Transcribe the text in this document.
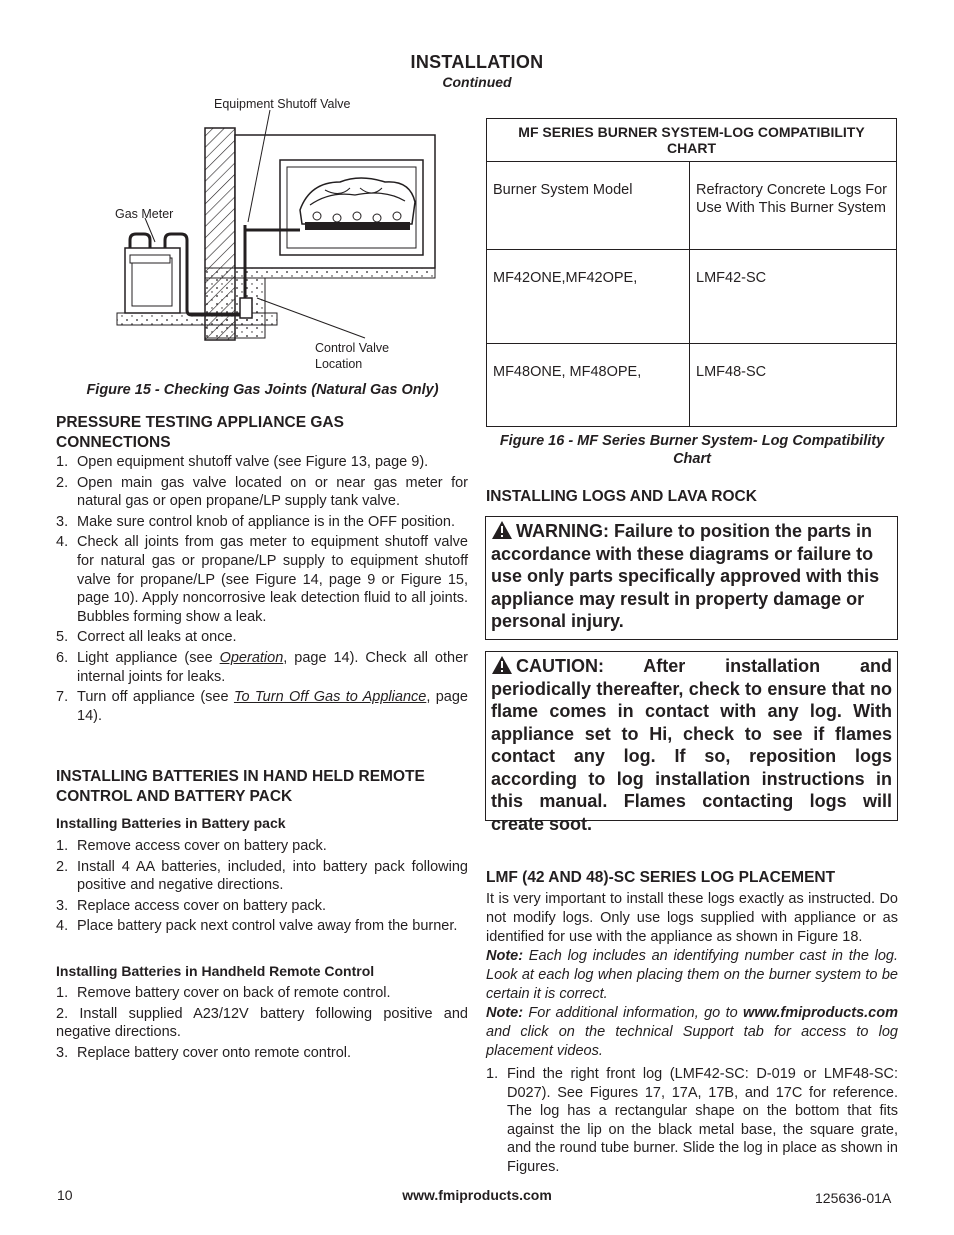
INSTALLATION
Continued
Equipment Shutoff Valve
Gas Meter
Control Valve
Location
Figure 15 - Checking Gas Joints (Natural Gas Only)
PRESSURE TESTING APPLIANCE GAS CONNECTIONS
1. Open equipment shutoff valve (see Figure 13, page 9).
2. Open main gas valve located on or near gas meter for natural gas or open propane/LP supply tank valve.
3. Make sure control knob of appliance is in the OFF position.
4. Check all joints from gas meter to equipment shutoff valve for natural gas or propane/LP supply to equipment shutoff valve for propane/LP (see Figure 14, page 9 or Figure 15, page 10). Apply noncorrosive leak detection fluid to all joints. Bubbles forming show a leak.
5. Correct all leaks at once.
6. Light appliance (see Operation, page 14). Check all other internal joints for leaks.
7. Turn off appliance (see To Turn Off Gas to Appliance, page 14).
INSTALLING BATTERIES IN HAND HELD REMOTE CONTROL AND BATTERY PACK
Installing Batteries in Battery pack
1. Remove access cover on battery pack.
2. Install 4 AA batteries, included, into battery pack following positive and negative directions.
3. Replace access cover on battery pack.
4. Place battery pack next control valve away from the burner.
Installing Batteries in Handheld Remote Control
1. Remove battery cover on back of remote control.
2. Install supplied A23/12V battery following positive and negative directions.
3. Replace battery cover onto remote control.
MF SERIES BURNER SYSTEM-LOG COMPATIBILITY CHART	
Burner System Model	Refractory Concrete Logs For Use With This Burner System
MF42ONE,MF42OPE,	LMF42-SC
MF48ONE, MF48OPE,	LMF48-SC
Figure 16 - MF Series Burner System- Log Compatibility Chart
INSTALLING LOGS AND LAVA ROCK
WARNING: Failure to position the parts in accordance with these diagrams or failure to use only parts specifically approved with this appliance may result in property damage or personal injury.
CAUTION: After installation and periodically thereafter, check to ensure that no flame comes in contact with any log. With appliance set to Hi, check to see if flames contact any log. If so, reposition logs according to log installation instructions in this manual. Flames contacting logs will create soot.
LMF (42 AND 48)-SC SERIES LOG PLACEMENT
It is very important to install these logs exactly as instructed. Do not modify logs. Only use logs supplied with appliance or as identified for use with the appliance as shown in Figure 18.
Note: Each log includes an identifying number cast in the log. Look at each log when placing them on the burner system to be certain it is correct.
Note: For additional information, go to www.fmiproducts.com and click on the technical Support tab for access to log placement videos.
1. Find the right front log (LMF42-SC: D-019 or LMF48-SC: D027). See Figures 17, 17A, 17B, and 17C for reference. The log has a rectangular shape on the bottom that fits against the lip on the black metal base, the square grate, and the round tube burner. Slide the log in place as shown in Figures.
10	www.fmiproducts.com	125636-01A
